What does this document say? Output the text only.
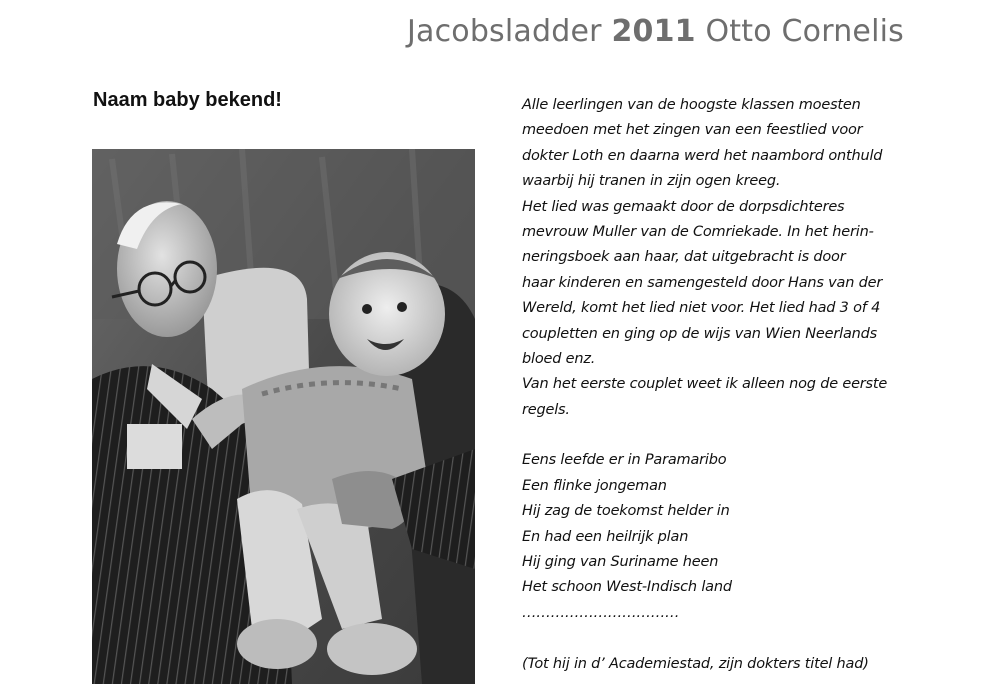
Jacobsladder 2011 Otto Cornelis
Naam baby bekend!	Alle leerlingen van de hoogste klassen moesten
meedoen met het zingen van een feestlied voor
dokter Loth en daarna werd het naambord onthuld
waarbij hij tranen in zijn ogen kreeg.
Het lied was gemaakt door de dorpsdichteres
mevrouw Muller van de Comriekade. In het herin-
neringsboek aan haar, dat uitgebracht is door
haar kinderen en samengesteld door Hans van der
Wereld, komt het lied niet voor. Het lied had 3 of 4
coupletten en ging op de wijs van Wien Neerlands
bloed enz.
Van het eerste couplet weet ik alleen nog de eerste
regels.
Eens leefde er in Paramaribo
Een flinke jongeman
Hij zag de toekomst helder in
En had een heilrijk plan
Hij ging van Suriname heen
Het schoon West-Indisch land
……………………………
(Tot hij in d’ Academiestad, zijn dokters titel had)
